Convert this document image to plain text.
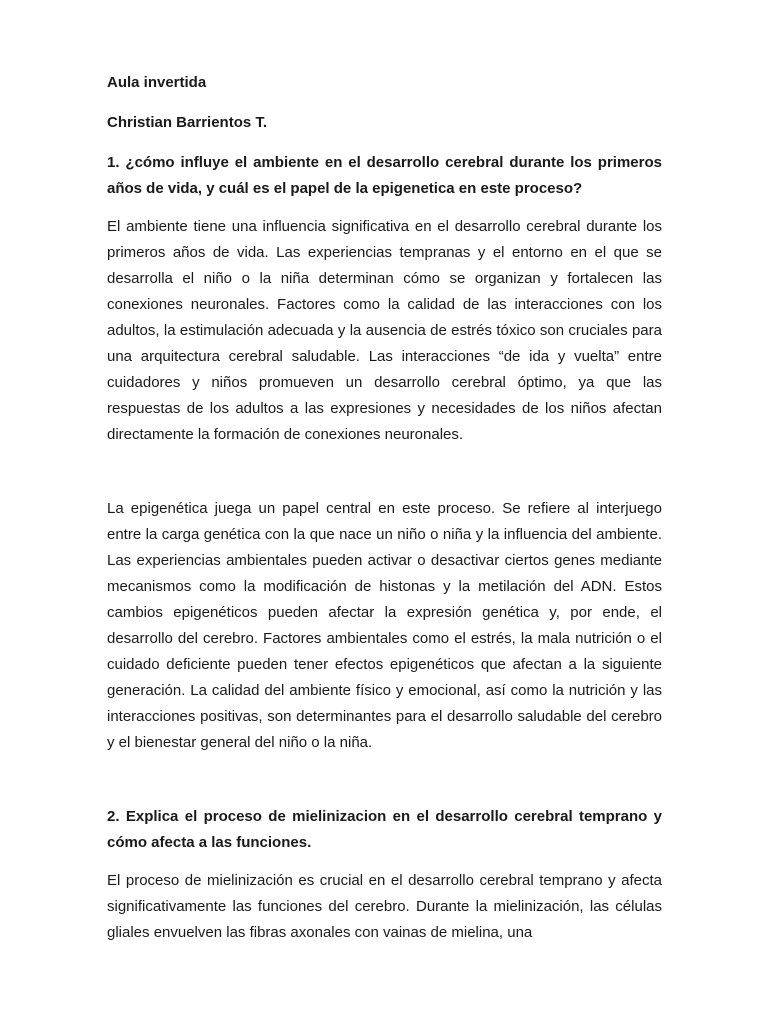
Aula invertida

Christian Barrientos T.

1. ¿cómo influye el ambiente en el desarrollo cerebral durante los primeros años de vida, y cuál es el papel de la epigenetica en este proceso?

El ambiente tiene una influencia significativa en el desarrollo cerebral durante los primeros años de vida. Las experiencias tempranas y el entorno en el que se desarrolla el niño o la niña determinan cómo se organizan y fortalecen las conexiones neuronales. Factores como la calidad de las interacciones con los adultos, la estimulación adecuada y la ausencia de estrés tóxico son cruciales para una arquitectura cerebral saludable. Las interacciones “de ida y vuelta” entre cuidadores y niños promueven un desarrollo cerebral óptimo, ya que las respuestas de los adultos a las expresiones y necesidades de los niños afectan directamente la formación de conexiones neuronales.

La epigenética juega un papel central en este proceso. Se refiere al interjuego entre la carga genética con la que nace un niño o niña y la influencia del ambiente. Las experiencias ambientales pueden activar o desactivar ciertos genes mediante mecanismos como la modificación de histonas y la metilación del ADN. Estos cambios epigenéticos pueden afectar la expresión genética y, por ende, el desarrollo del cerebro. Factores ambientales como el estrés, la mala nutrición o el cuidado deficiente pueden tener efectos epigenéticos que afectan a la siguiente generación. La calidad del ambiente físico y emocional, así como la nutrición y las interacciones positivas, son determinantes para el desarrollo saludable del cerebro y el bienestar general del niño o la niña.

2. Explica el proceso de mielinizacion en el desarrollo cerebral temprano y cómo afecta a las funciones.

El proceso de mielinización es crucial en el desarrollo cerebral temprano y afecta significativamente las funciones del cerebro. Durante la mielinización, las células gliales envuelven las fibras axonales con vainas de mielina, una
